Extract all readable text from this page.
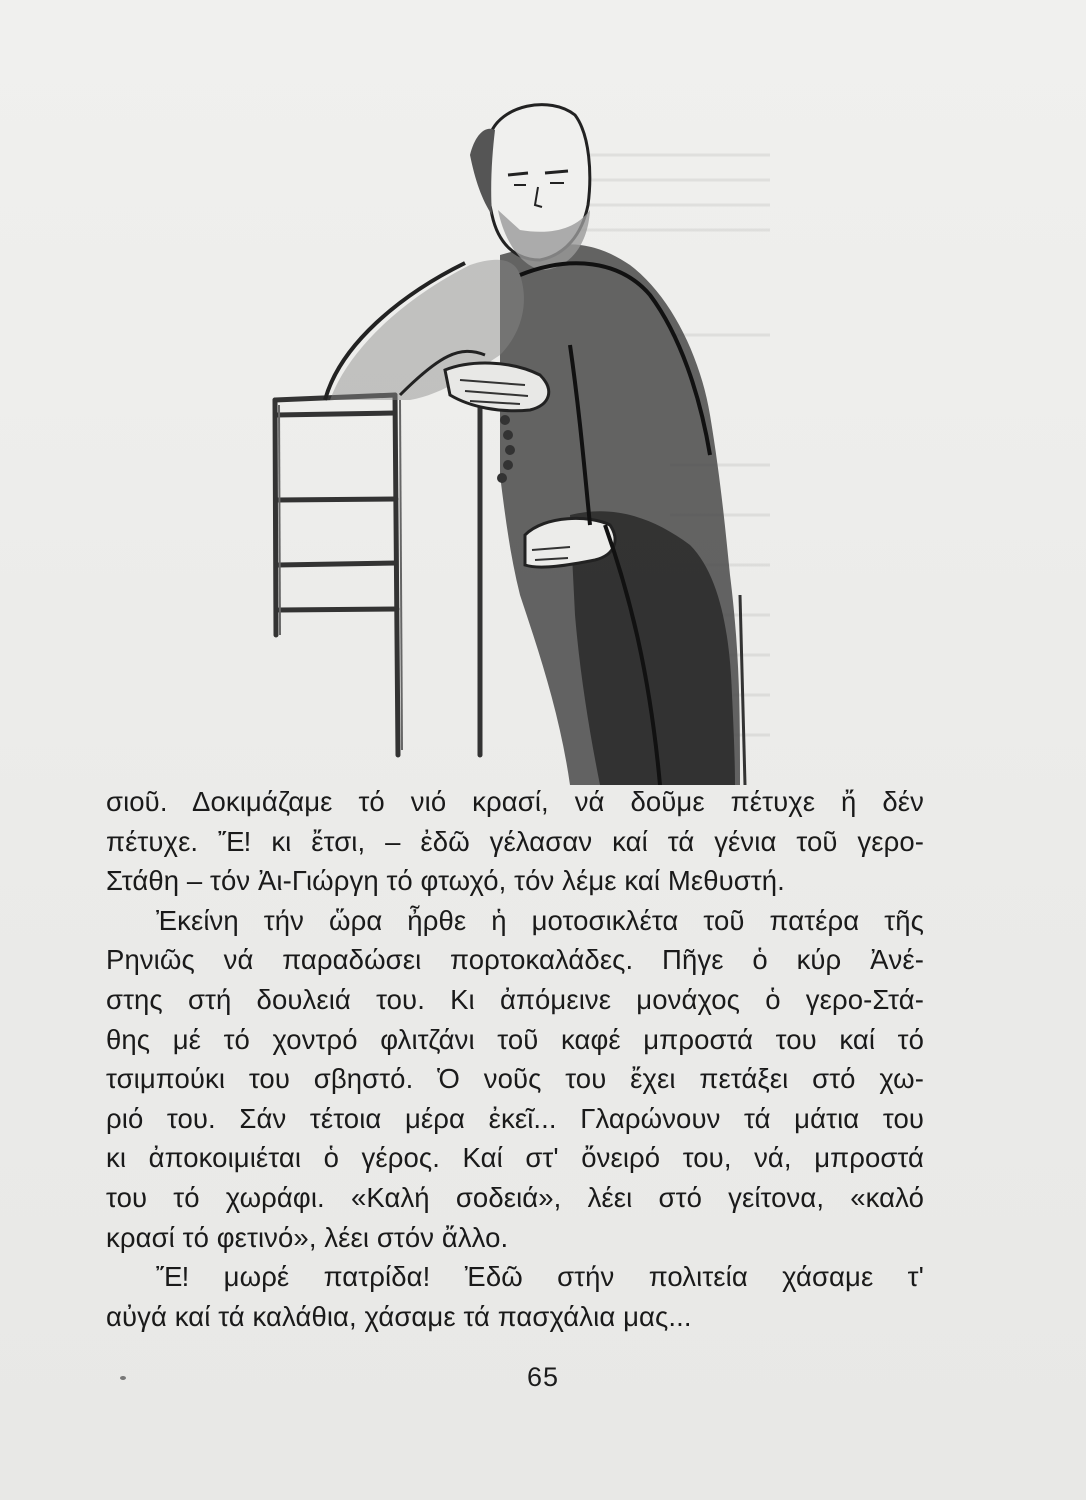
σιοῦ. Δοκιμάζαμε τό νιό κρασί, νά δοῦμε πέτυχε ἤ δέν
πέτυχε. Ἔ! κι ἔτσι, – ἐδῶ γέλασαν καί τά γένια τοῦ γερο-
Στάθη – τόν Ἀι-Γιώργη τό φτωχό, τόν λέμε καί Μεθυστή.
Ἐκείνη τήν ὥρα ἦρθε ἡ μοτοσικλέτα τοῦ πατέρα τῆς
Ρηνιῶς νά παραδώσει πορτοκαλάδες. Πῆγε ὁ κύρ Ἀνέ-
στης στή δουλειά του. Κι ἀπόμεινε μονάχος ὁ γερο-Στά-
θης μέ τό χοντρό φλιτζάνι τοῦ καφέ μπροστά του καί τό
τσιμπούκι του σβηστό. Ὁ νοῦς του ἔχει πετάξει στό χω-
ριό του. Σάν τέτοια μέρα ἐκεῖ... Γλαρώνουν τά μάτια του
κι ἀποκοιμιέται ὁ γέρος. Καί στ' ὄνειρό του, νά, μπροστά
του τό χωράφι. «Καλή σοδειά», λέει στό γείτονα, «καλό
κρασί τό φετινό», λέει στόν ἄλλο.
Ἔ! μωρέ πατρίδα! Ἐδῶ στήν πολιτεία χάσαμε τ'
αὐγά καί τά καλάθια, χάσαμε τά πασχάλια μας...
65
